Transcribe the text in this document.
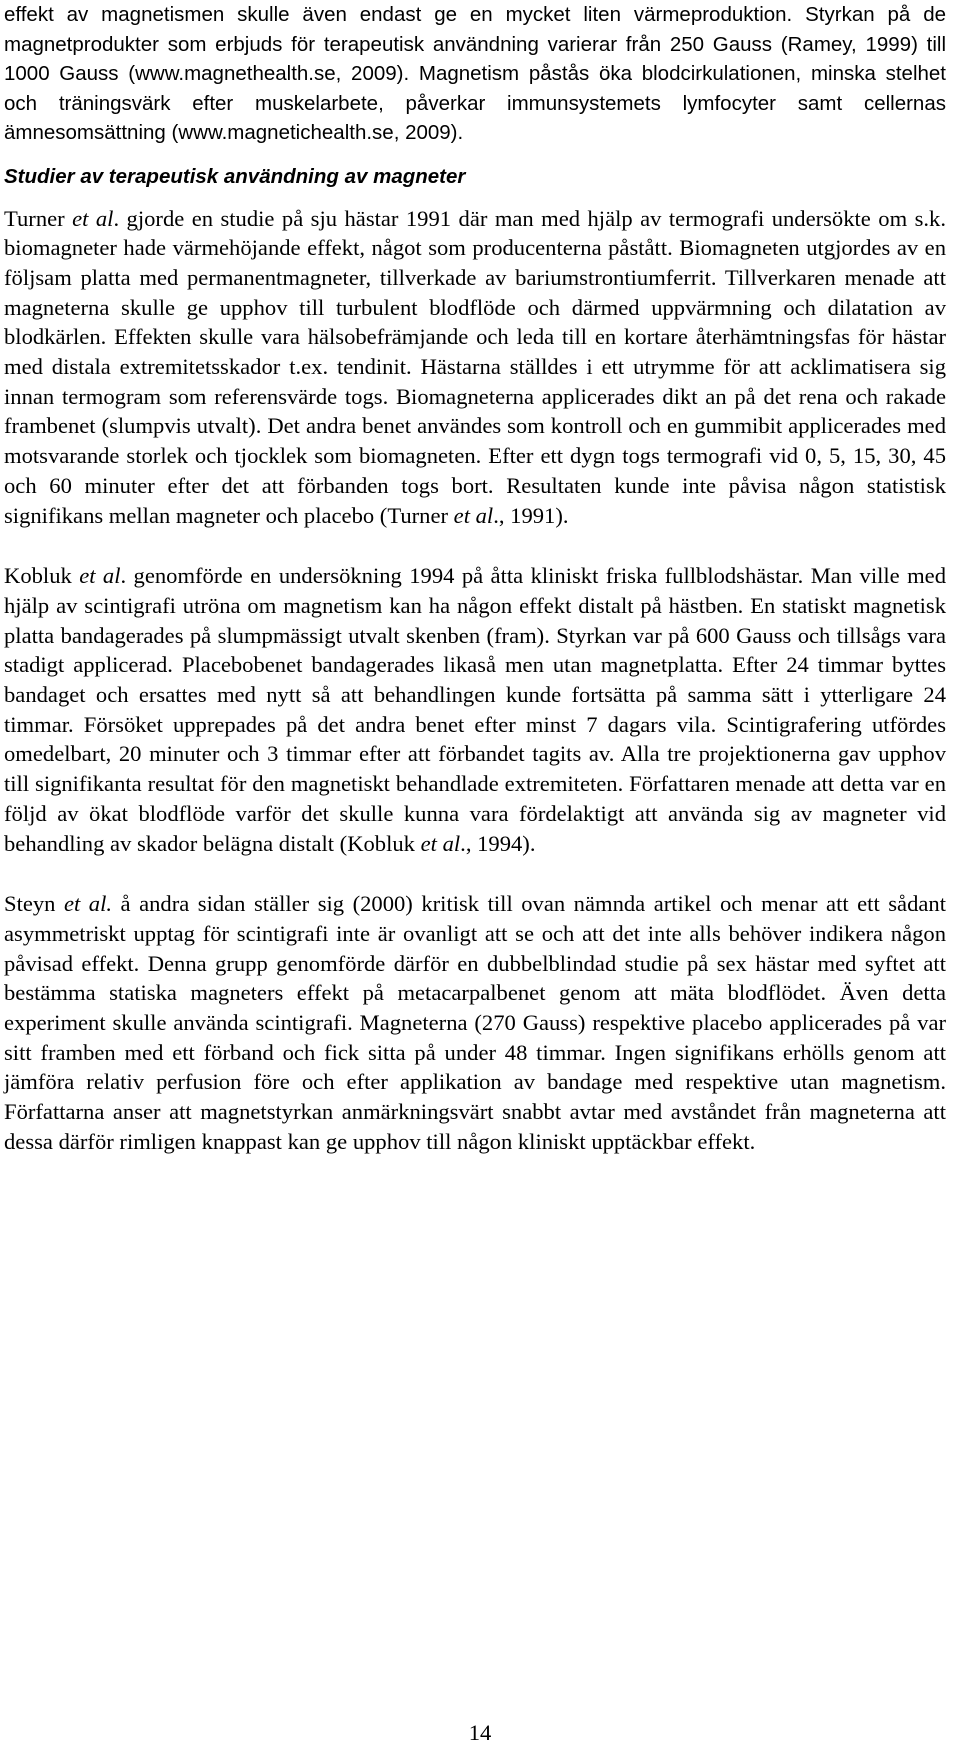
effekt av magnetismen skulle även endast ge en mycket liten värmeproduktion. Styrkan på de magnetprodukter som erbjuds för terapeutisk användning varierar från 250 Gauss (Ramey, 1999) till 1000 Gauss (www.magnethealth.se, 2009). Magnetism påstås öka blodcirkulationen, minska stelhet och träningsvärk efter muskelarbete, påverkar immunsystemets lymfocyter samt cellernas ämnesomsättning (www.magnetichealth.se, 2009).

Studier av terapeutisk användning av magneter

Turner et al. gjorde en studie på sju hästar 1991 där man med hjälp av termografi undersökte om s.k. biomagneter hade värmehöjande effekt, något som producenterna påstått. Biomagneten utgjordes av en följsam platta med permanentmagneter, tillverkade av bariumstrontiumferrit. Tillverkaren menade att magneterna skulle ge upphov till turbulent blodflöde och därmed uppvärmning och dilatation av blodkärlen. Effekten skulle vara hälsobefrämjande och leda till en kortare återhämtningsfas för hästar med distala extremitetsskador t.ex. tendinit. Hästarna ställdes i ett utrymme för att acklimatisera sig innan termogram som referensvärde togs. Biomagneterna applicerades dikt an på det rena och rakade frambenet (slumpvis utvalt). Det andra benet användes som kontroll och en gummibit applicerades med motsvarande storlek och tjocklek som biomagneten. Efter ett dygn togs termografi vid 0, 5, 15, 30, 45 och 60 minuter efter det att förbanden togs bort. Resultaten kunde inte påvisa någon statistisk signifikans mellan magneter och placebo (Turner et al., 1991).

Kobluk et al. genomförde en undersökning 1994 på åtta kliniskt friska fullblodshästar. Man ville med hjälp av scintigrafi utröna om magnetism kan ha någon effekt distalt på hästben. En statiskt magnetisk platta bandagerades på slumpmässigt utvalt skenben (fram). Styrkan var på 600 Gauss och tillsågs vara stadigt applicerad. Placebobenet bandagerades likaså men utan magnetplatta. Efter 24 timmar byttes bandaget och ersattes med nytt så att behandlingen kunde fortsätta på samma sätt i ytterligare 24 timmar. Försöket upprepades på det andra benet efter minst 7 dagars vila. Scintigrafering utfördes omedelbart, 20 minuter och 3 timmar efter att förbandet tagits av. Alla tre projektionerna gav upphov till signifikanta resultat för den magnetiskt behandlade extremiteten. Författaren menade att detta var en följd av ökat blodflöde varför det skulle kunna vara fördelaktigt att använda sig av magneter vid behandling av skador belägna distalt (Kobluk et al., 1994).

Steyn et al. å andra sidan ställer sig (2000) kritisk till ovan nämnda artikel och menar att ett sådant asymmetriskt upptag för scintigrafi inte är ovanligt att se och att det inte alls behöver indikera någon påvisad effekt. Denna grupp genomförde därför en dubbelblindad studie på sex hästar med syftet att bestämma statiska magneters effekt på metacarpalbenet genom att mäta blodflödet. Även detta experiment skulle använda scintigrafi. Magneterna (270 Gauss) respektive placebo applicerades på var sitt framben med ett förband och fick sitta på under 48 timmar. Ingen signifikans erhölls genom att jämföra relativ perfusion före och efter applikation av bandage med respektive utan magnetism. Författarna anser att magnetstyrkan anmärkningsvärt snabbt avtar med avståndet från magneterna att dessa därför rimligen knappast kan ge upphov till någon kliniskt upptäckbar effekt.

14
